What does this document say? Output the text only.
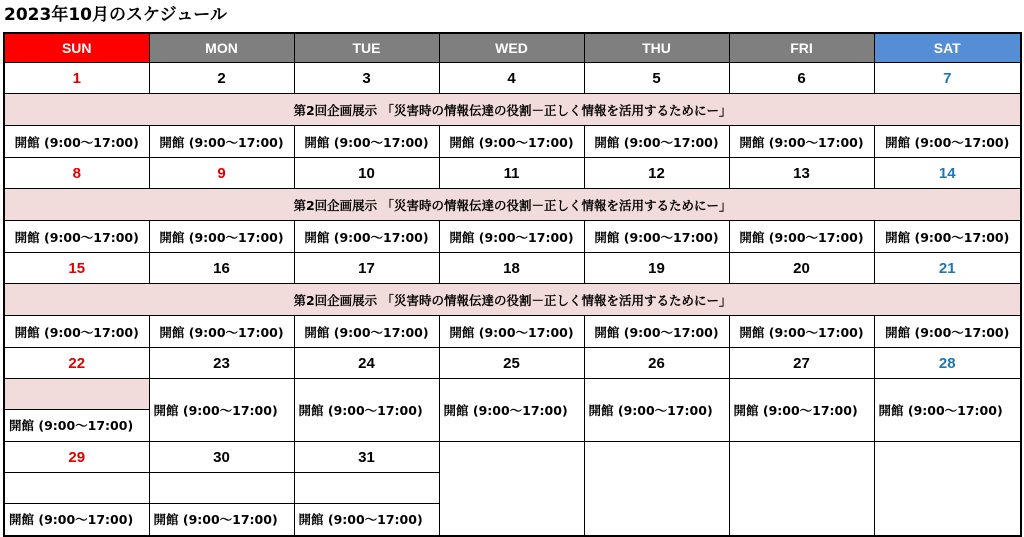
2023年10月のスケジュール
SUN	MON	TUE	WED	THU	FRI	SAT
1	2	3	4	5	6	7
第2回企画展示 「災害時の情報伝達の役割－正しく情報を活用するためにー」						
開館 (9:00～17:00)	開館 (9:00～17:00)	開館 (9:00～17:00)	開館 (9:00～17:00)	開館 (9:00～17:00)	開館 (9:00～17:00)	開館 (9:00～17:00)
8	9	10	11	12	13	14
第2回企画展示 「災害時の情報伝達の役割－正しく情報を活用するためにー」						
開館 (9:00～17:00)	開館 (9:00～17:00)	開館 (9:00～17:00)	開館 (9:00～17:00)	開館 (9:00～17:00)	開館 (9:00～17:00)	開館 (9:00～17:00)
15	16	17	18	19	20	21
第2回企画展示 「災害時の情報伝達の役割－正しく情報を活用するためにー」						
開館 (9:00～17:00)	開館 (9:00～17:00)	開館 (9:00～17:00)	開館 (9:00～17:00)	開館 (9:00～17:00)	開館 (9:00～17:00)	開館 (9:00～17:00)
22	23	24	25	26	27	28

開館 (9:00～17:00)	開館 (9:00～17:00)	開館 (9:00～17:00)	開館 (9:00～17:00)	開館 (9:00～17:00)	開館 (9:00～17:00)	開館 (9:00～17:00)
29	30	31				

開館 (9:00～17:00)	開館 (9:00～17:00)	開館 (9:00～17:00)				
